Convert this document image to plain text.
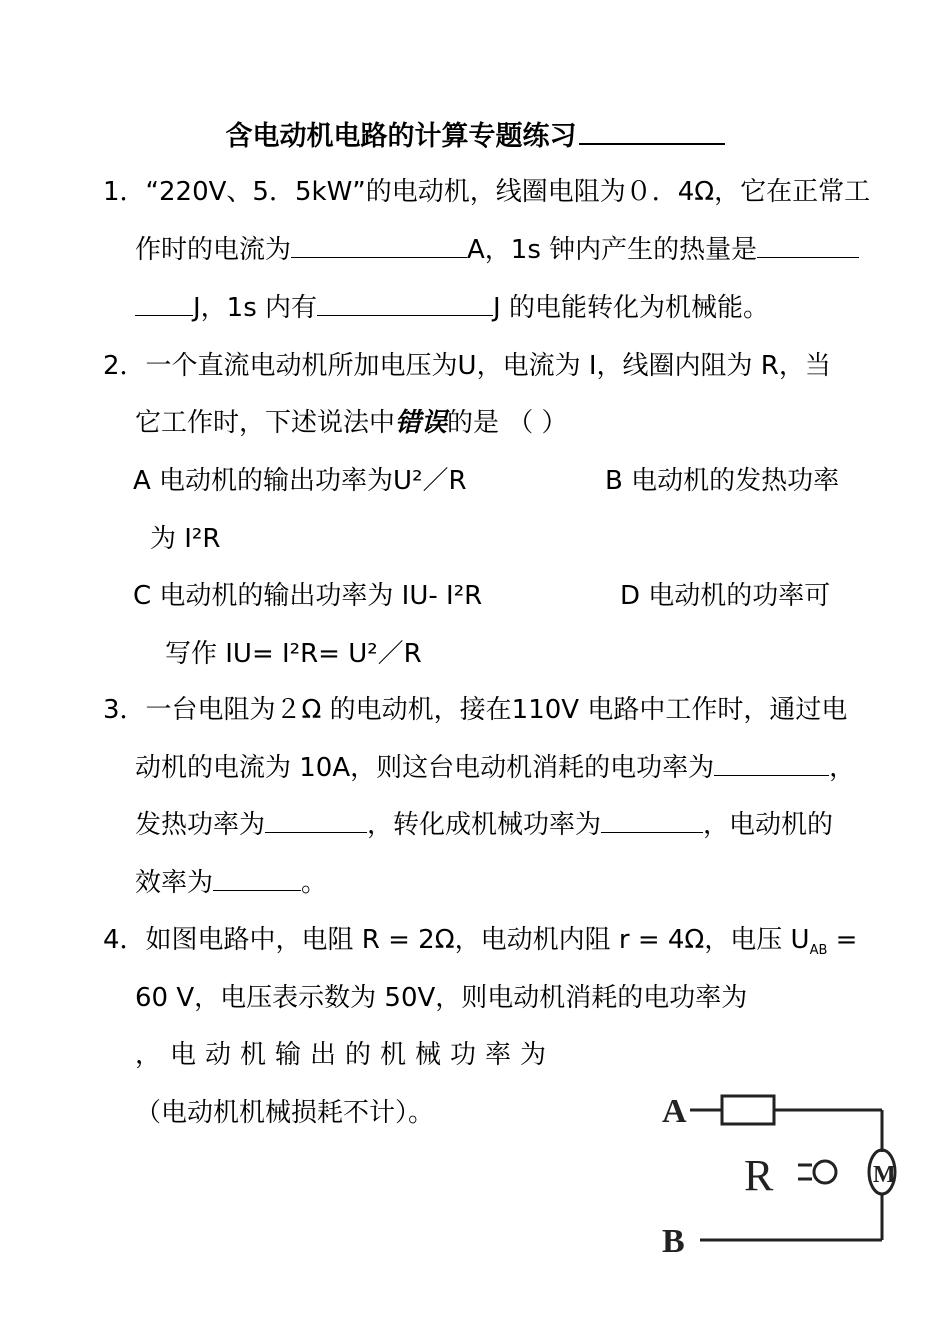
含电动机电路的计算专题练习
1．“220V、5．5kW”的电动机，线圈电阻为０．4Ω，它在正常工
作时的电流为	A，1s 钟内产生的热量是
J，1s 内有	J 的电能转化为机械能。
2．一个直流电动机所加电压为U，电流为 I，线圈内阻为 R，当
它工作时，下述说法中错误的是 （ ）
A 电动机的输出功率为U²／R	B 电动机的发热功率
为 I²R
C 电动机的输出功率为 IU- I²R	D 电动机的功率可
写作 IU= I²R= U²／R
3．一台电阻为２Ω 的电动机，接在110V 电路中工作时，通过电
动机的电流为 10A，则这台电动机消耗的电功率为	，
发热功率为	，转化成机械功率为	，电动机的
效率为	。
4．如图电路中，电阻 R = 2Ω，电动机内阻 r = 4Ω，电压 $U_{AB}$ =
60 V，电压表示数为 50V，则电动机消耗的电功率为
，电动机输出的机械功率为
（电动机机械损耗不计）。	A
B
R	M
